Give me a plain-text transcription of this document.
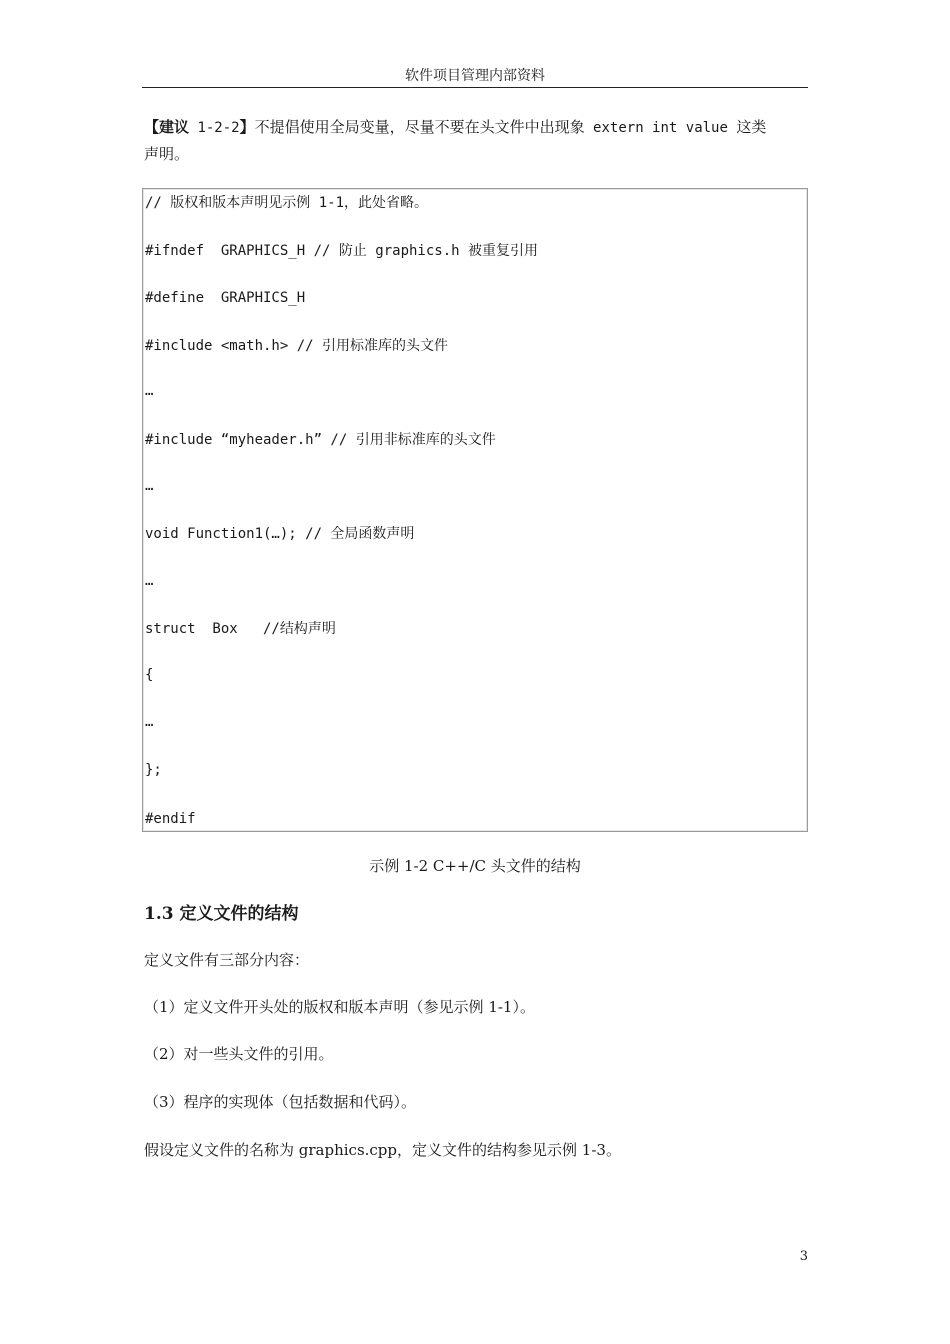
软件项目管理内部资料
【建议 1-2-2】不提倡使用全局变量，尽量不要在头文件中出现象 extern int value 这类
声明。
// 版权和版本声明见示例 1-1，此处省略。
#ifndef  GRAPHICS_H // 防止 graphics.h 被重复引用
#define  GRAPHICS_H
#include <math.h> // 引用标准库的头文件
…
#include “myheader.h” // 引用非标准库的头文件
…
void Function1(…); // 全局函数声明
…
struct  Box   //结构声明
{
…
};
#endif
示例 1-2 C++/C 头文件的结构
1.3 定义文件的结构
定义文件有三部分内容：
（1）定义文件开头处的版权和版本声明（参见示例 1-1）。
（2）对一些头文件的引用。
（3）程序的实现体（包括数据和代码）。
假设定义文件的名称为 graphics.cpp，定义文件的结构参见示例 1-3。
3
